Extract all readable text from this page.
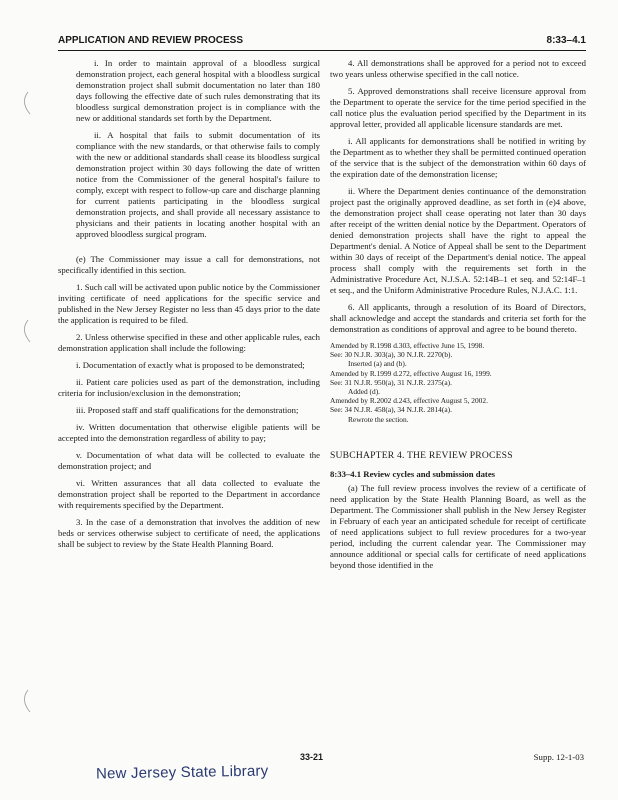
APPLICATION AND REVIEW PROCESS	8:33–4.1

i. In order to maintain approval of a bloodless surgical demonstration project, each general hospital with a bloodless surgical demonstration project shall submit documentation no later than 180 days following the effective date of such rules demonstrating that its bloodless surgical demonstration project is in compliance with the new or additional standards set forth by the Department.

ii. A hospital that fails to submit documentation of its compliance with the new standards, or that otherwise fails to comply with the new or additional standards shall cease its bloodless surgical demonstration project within 30 days following the date of written notice from the Commissioner of the general hospital's failure to comply, except with respect to follow-up care and discharge planning for current patients participating in the bloodless surgical demonstration projects, and shall provide all necessary assistance to physicians and their patients in locating another hospital with an approved bloodless surgical program.

(e) The Commissioner may issue a call for demonstrations, not specifically identified in this section.

1. Such call will be activated upon public notice by the Commissioner inviting certificate of need applications for the specific service and published in the New Jersey Register no less than 45 days prior to the date the application is required to be filed.

2. Unless otherwise specified in these and other applicable rules, each demonstration application shall include the following:

i. Documentation of exactly what is proposed to be demonstrated;

ii. Patient care policies used as part of the demonstration, including criteria for inclusion/exclusion in the demonstration;

iii. Proposed staff and staff qualifications for the demonstration;

iv. Written documentation that otherwise eligible patients will be accepted into the demonstration regardless of ability to pay;

v. Documentation of what data will be collected to evaluate the demonstration project; and

vi. Written assurances that all data collected to evaluate the demonstration project shall be reported to the Department in accordance with requirements specified by the Department.

3. In the case of a demonstration that involves the addition of new beds or services otherwise subject to certificate of need, the applications shall be subject to review by the State Health Planning Board.

4. All demonstrations shall be approved for a period not to exceed two years unless otherwise specified in the call notice.

5. Approved demonstrations shall receive licensure approval from the Department to operate the service for the time period specified in the call notice plus the evaluation period specified by the Department in its approval letter, provided all applicable licensure standards are met.

i. All applicants for demonstrations shall be notified in writing by the Department as to whether they shall be permitted continued operation of the service that is the subject of the demonstration within 60 days of the expiration date of the demonstration license;

ii. Where the Department denies continuance of the demonstration project past the originally approved deadline, as set forth in (e)4 above, the demonstration project shall cease operating not later than 30 days after receipt of the written denial notice by the Department. Operators of denied demonstration projects shall have the right to appeal the Department's denial. A Notice of Appeal shall be sent to the Department within 30 days of receipt of the Department's denial notice. The appeal process shall comply with the requirements set forth in the Administrative Procedure Act, N.J.S.A. 52:14B–1 et seq. and 52:14F–1 et seq., and the Uniform Administrative Procedure Rules, N.J.A.C. 1:1.

6. All applicants, through a resolution of its Board of Directors, shall acknowledge and accept the standards and criteria set forth for the demonstration as conditions of approval and agree to be bound thereto.

Amended by R.1998 d.303, effective June 15, 1998.
See: 30 N.J.R. 303(a), 30 N.J.R. 2270(b).
Inserted (a) and (b).
Amended by R.1999 d.272, effective August 16, 1999.
See: 31 N.J.R. 950(a), 31 N.J.R. 2375(a).
Added (d).
Amended by R.2002 d.243, effective August 5, 2002.
See: 34 N.J.R. 458(a), 34 N.J.R. 2814(a).
Rewrote the section.
SUBCHAPTER 4. THE REVIEW PROCESS
8:33–4.1 Review cycles and submission dates

(a) The full review process involves the review of a certificate of need application by the State Health Planning Board, as well as the Department. The Commissioner shall publish in the New Jersey Register in February of each year an anticipated schedule for receipt of certificate of need applications subject to full review procedures for a two-year period, including the current calendar year. The Commissioner may announce additional or special calls for certificate of need applications beyond those identified in the

33-21	Supp. 12-1-03
New Jersey State Library
